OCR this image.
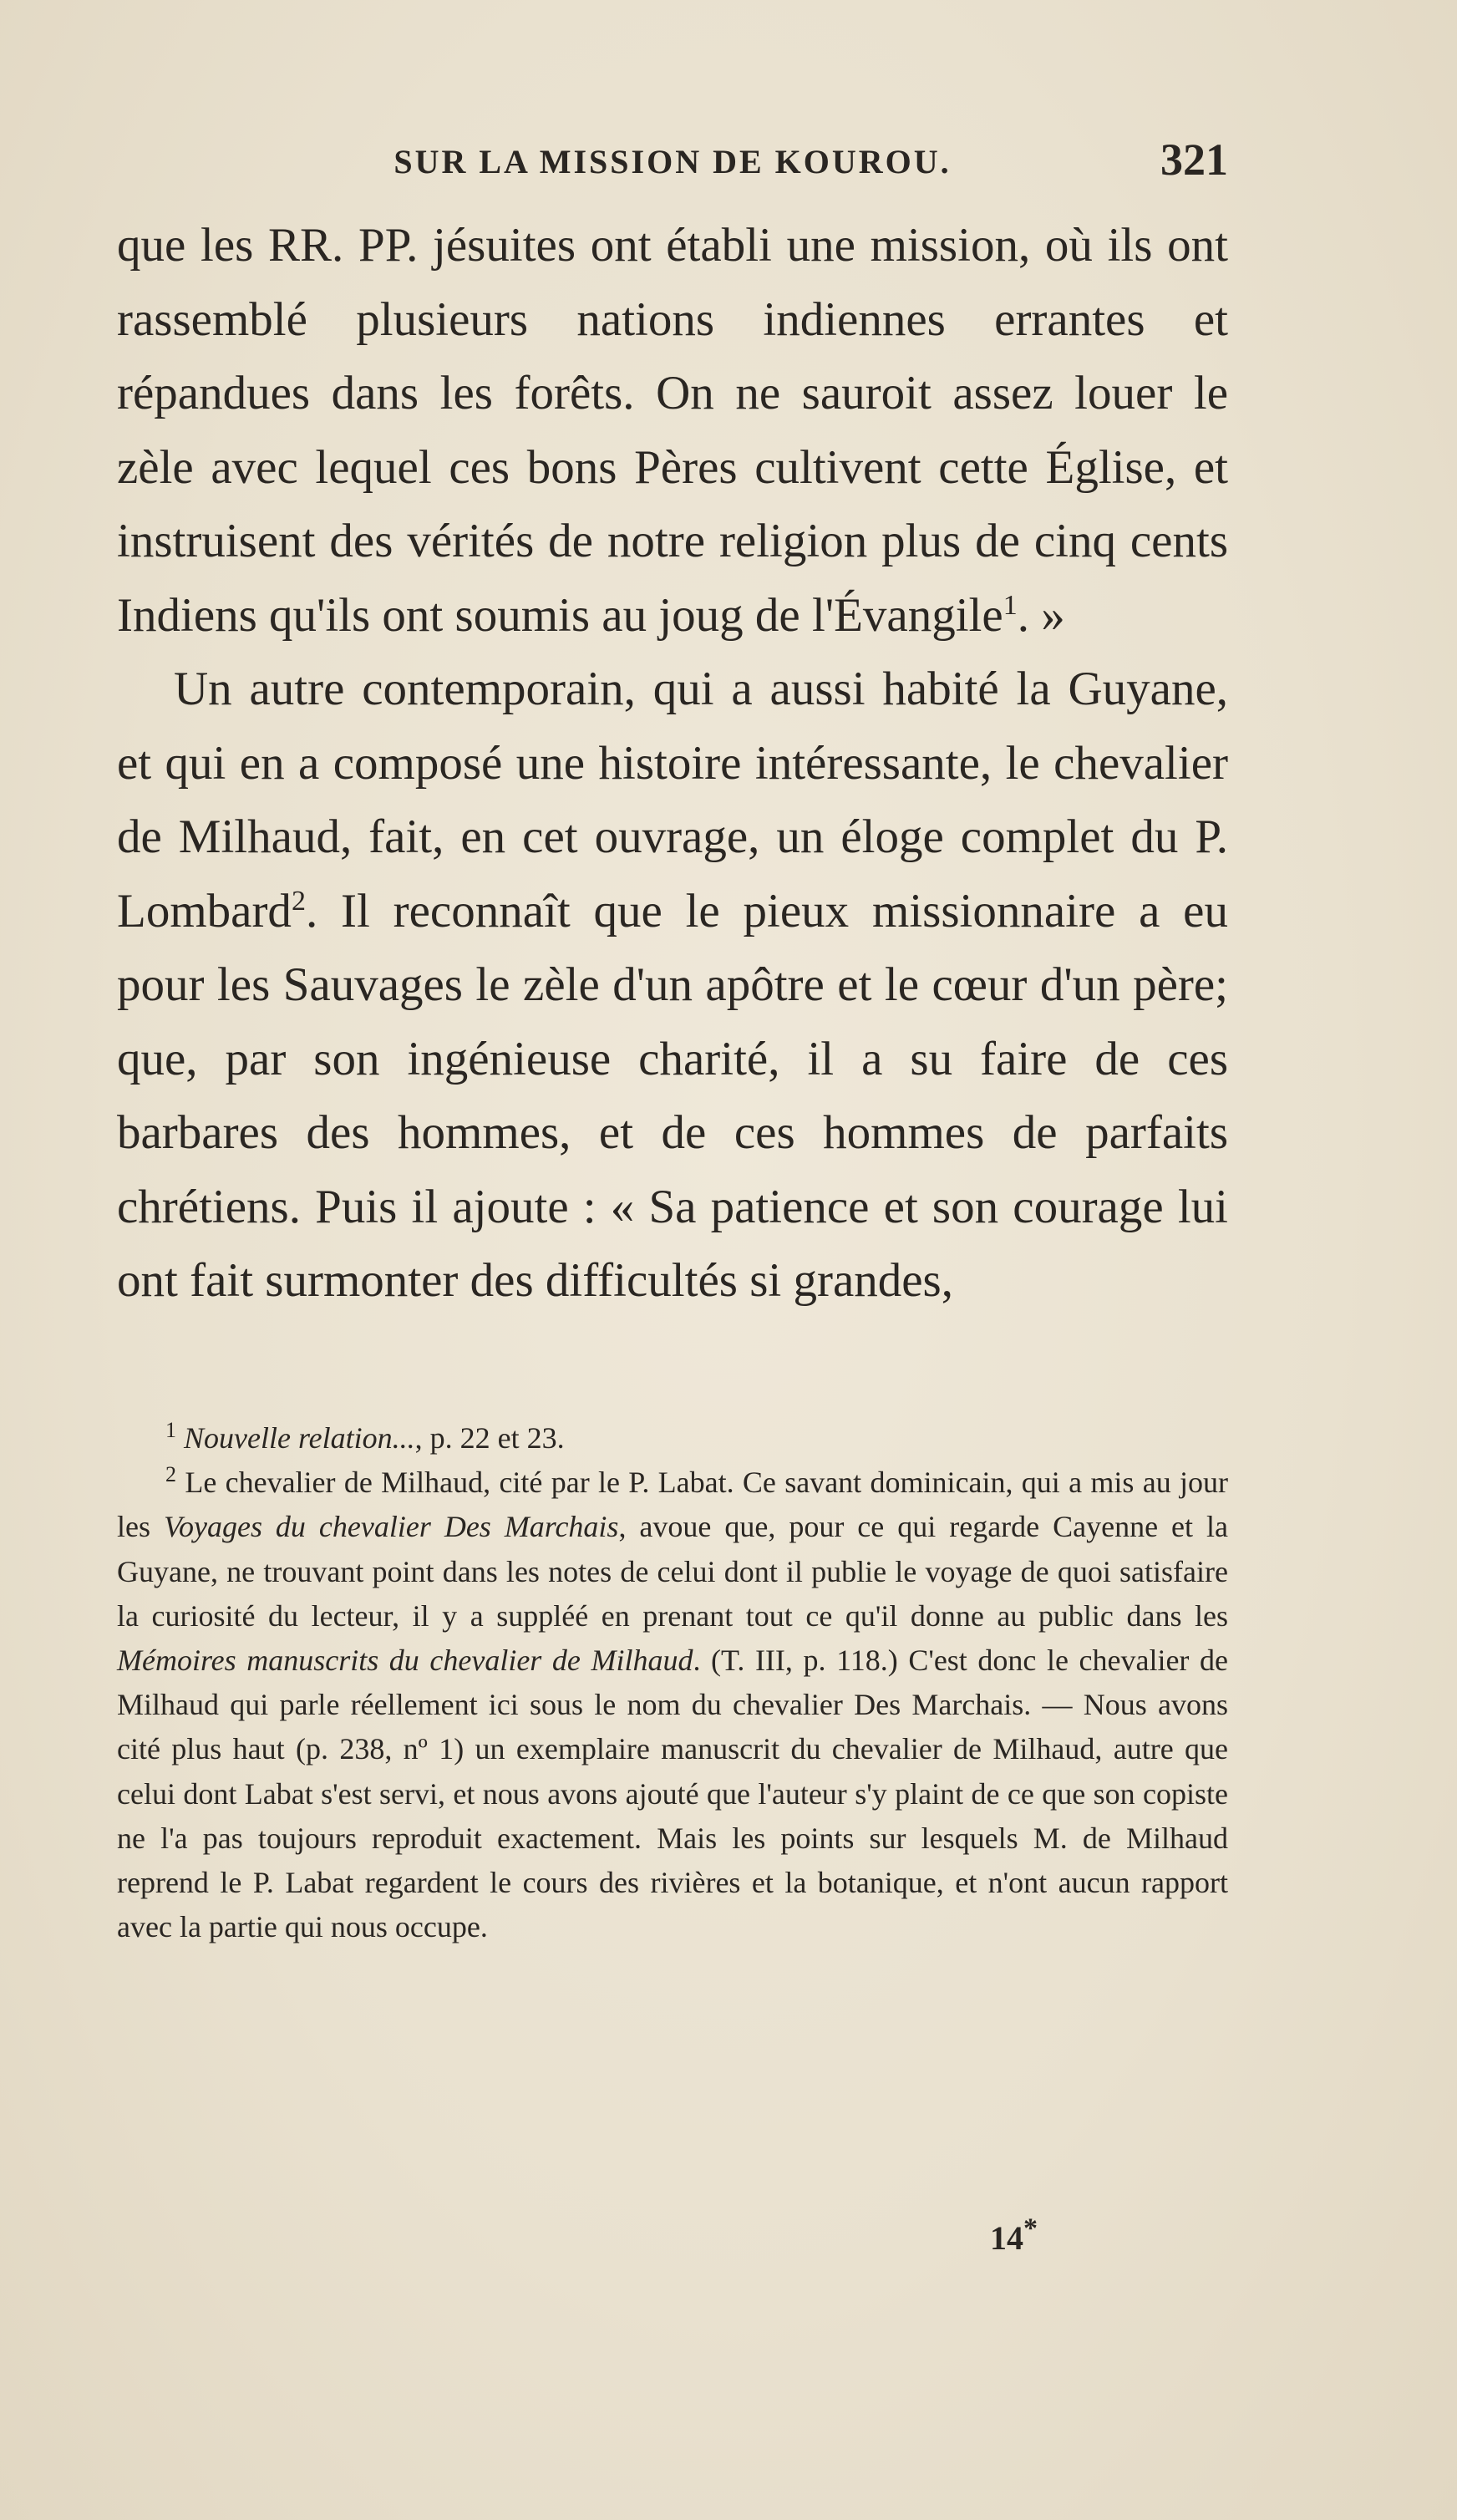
SUR LA MISSION DE KOUROU.	321

que les RR. PP. jésuites ont établi une mission, où ils ont rassemblé plusieurs nations indiennes errantes et répandues dans les forêts. On ne sauroit assez louer le zèle avec lequel ces bons Pères cultivent cette Église, et instruisent des vérités de notre religion plus de cinq cents Indiens qu'ils ont soumis au joug de l'Évangile$^1$. »

Un autre contemporain, qui a aussi habité la Guyane, et qui en a composé une histoire intéressante, le chevalier de Milhaud, fait, en cet ouvrage, un éloge complet du P. Lombard$^2$. Il reconnaît que le pieux missionnaire a eu pour les Sauvages le zèle d'un apôtre et le cœur d'un père; que, par son ingénieuse charité, il a su faire de ces barbares des hommes, et de ces hommes de parfaits chrétiens. Puis il ajoute : « Sa patience et son courage lui ont fait surmonter des difficultés si grandes,

$^1$ Nouvelle relation..., p. 22 et 23.

$^2$ Le chevalier de Milhaud, cité par le P. Labat. Ce savant dominicain, qui a mis au jour les Voyages du chevalier Des Marchais, avoue que, pour ce qui regarde Cayenne et la Guyane, ne trouvant point dans les notes de celui dont il publie le voyage de quoi satisfaire la curiosité du lecteur, il y a suppléé en prenant tout ce qu'il donne au public dans les Mémoires manuscrits du chevalier de Milhaud. (T. III, p. 118.) C'est donc le chevalier de Milhaud qui parle réellement ici sous le nom du chevalier Des Marchais. — Nous avons cité plus haut (p. 238, nº 1) un exemplaire manuscrit du chevalier de Milhaud, autre que celui dont Labat s'est servi, et nous avons ajouté que l'auteur s'y plaint de ce que son copiste ne l'a pas toujours reproduit exactement. Mais les points sur lesquels M. de Milhaud reprend le P. Labat regardent le cours des rivières et la botanique, et n'ont aucun rapport avec la partie qui nous occupe.

14*
